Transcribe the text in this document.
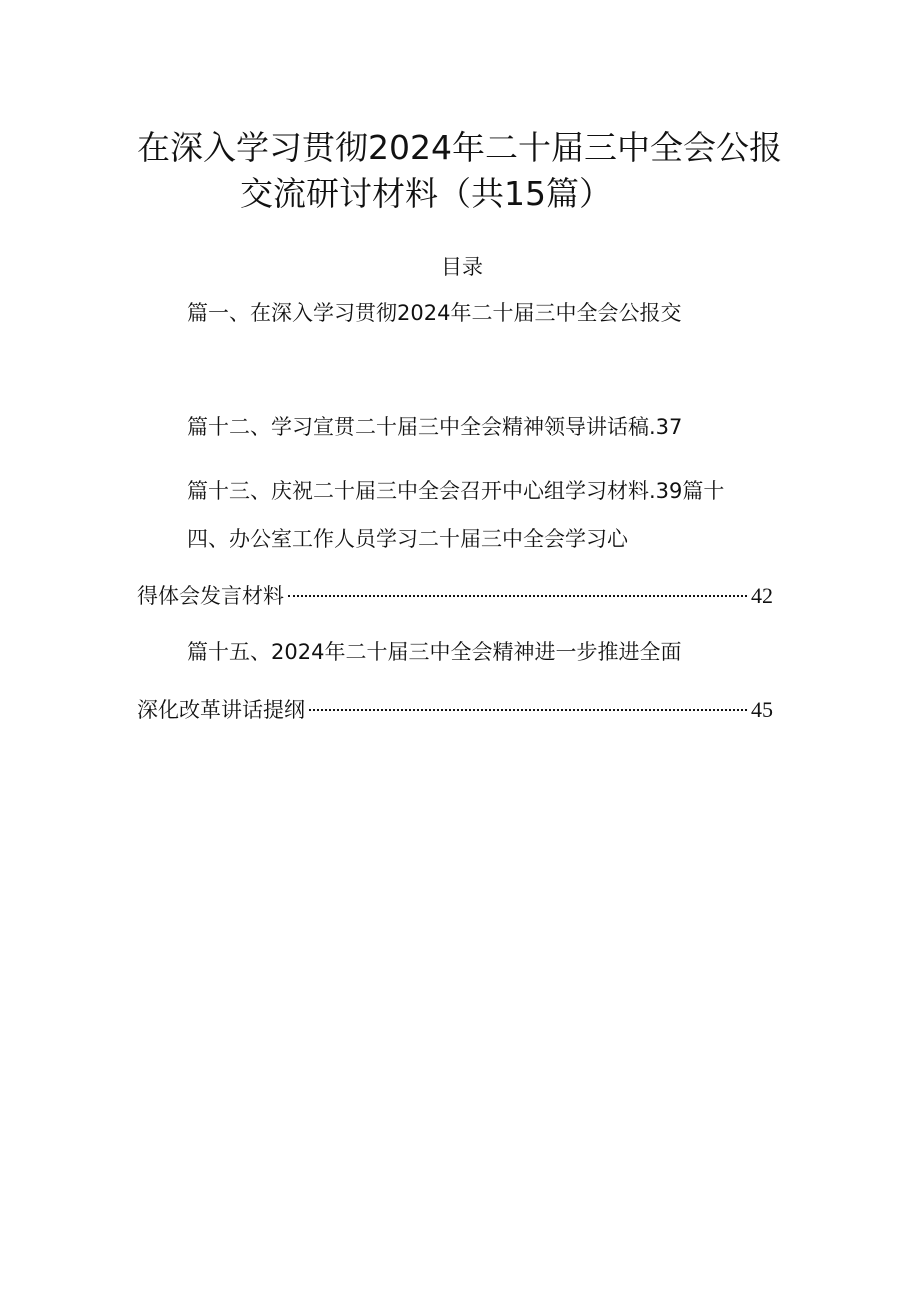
在深入学习贯彻2024年二十届三中全会公报
交流研讨材料（共15篇）
目录
篇一、在深入学习贯彻2024年二十届三中全会公报交
篇十二、学习宣贯二十届三中全会精神领导讲话稿.37
篇十三、庆祝二十届三中全会召开中心组学习材料.39篇十
四、办公室工作人员学习二十届三中全会学习心
得体会发言材料	42
篇十五、2024年二十届三中全会精神进一步推进全面
深化改革讲话提纲	45
